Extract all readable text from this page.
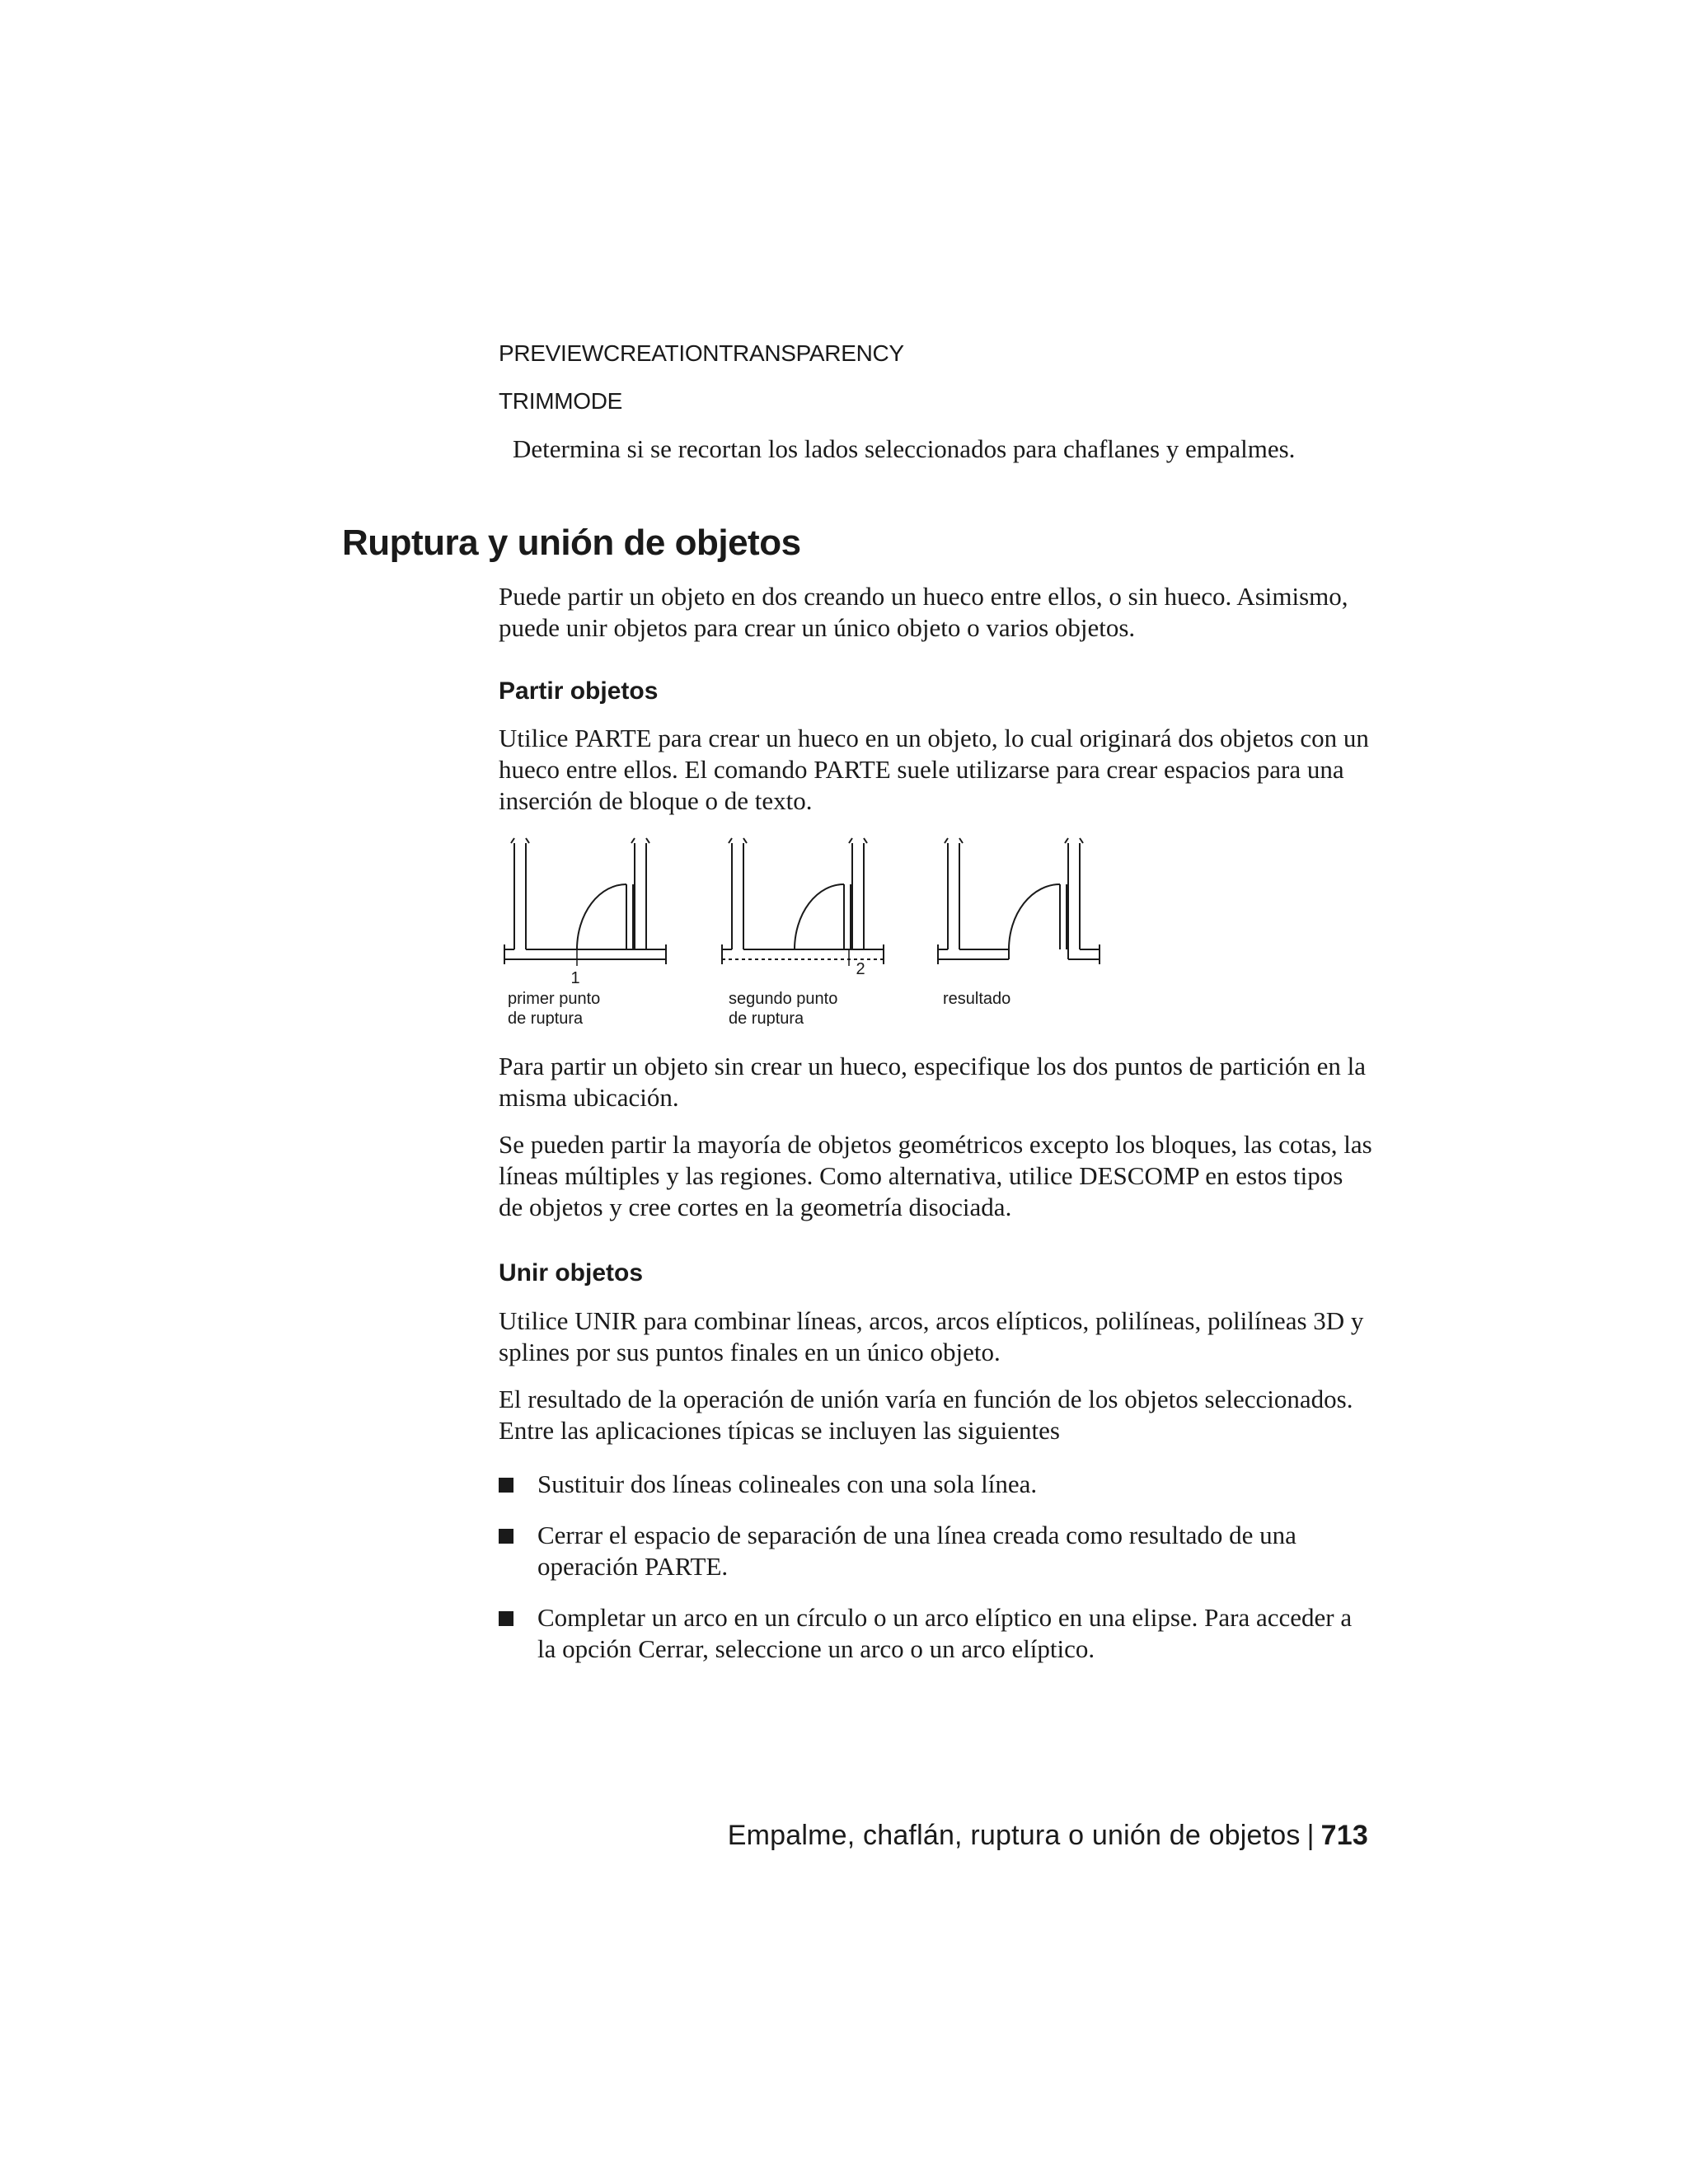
PREVIEWCREATIONTRANSPARENCY
TRIMMODE
Determina si se recortan los lados seleccionados para chaflanes y empalmes.
Ruptura y unión de objetos
Puede partir un objeto en dos creando un hueco entre ellos, o sin hueco. Asimismo, puede unir objetos para crear un único objeto o varios objetos.
Partir objetos
Utilice PARTE para crear un hueco en un objeto, lo cual originará dos objetos con un hueco entre ellos. El comando PARTE suele utilizarse para crear espacios para una inserción de bloque o de texto.
1	2
primer punto
de ruptura
segundo punto
de ruptura
resultado
Para partir un objeto sin crear un hueco, especifique los dos puntos de partición en la misma ubicación.
Se pueden partir la mayoría de objetos geométricos excepto los bloques, las cotas, las líneas múltiples y las regiones. Como alternativa, utilice DESCOMP en estos tipos de objetos y cree cortes en la geometría disociada.
Unir objetos
Utilice UNIR para combinar líneas, arcos, arcos elípticos, polilíneas, polilíneas 3D y splines por sus puntos finales en un único objeto.
El resultado de la operación de unión varía en función de los objetos seleccionados. Entre las aplicaciones típicas se incluyen las siguientes
Sustituir dos líneas colineales con una sola línea.
Cerrar el espacio de separación de una línea creada como resultado de una operación PARTE.
Completar un arco en un círculo o un arco elíptico en una elipse. Para acceder a la opción Cerrar, seleccione un arco o un arco elíptico.
Empalme, chaflán, ruptura o unión de objetos | 713
